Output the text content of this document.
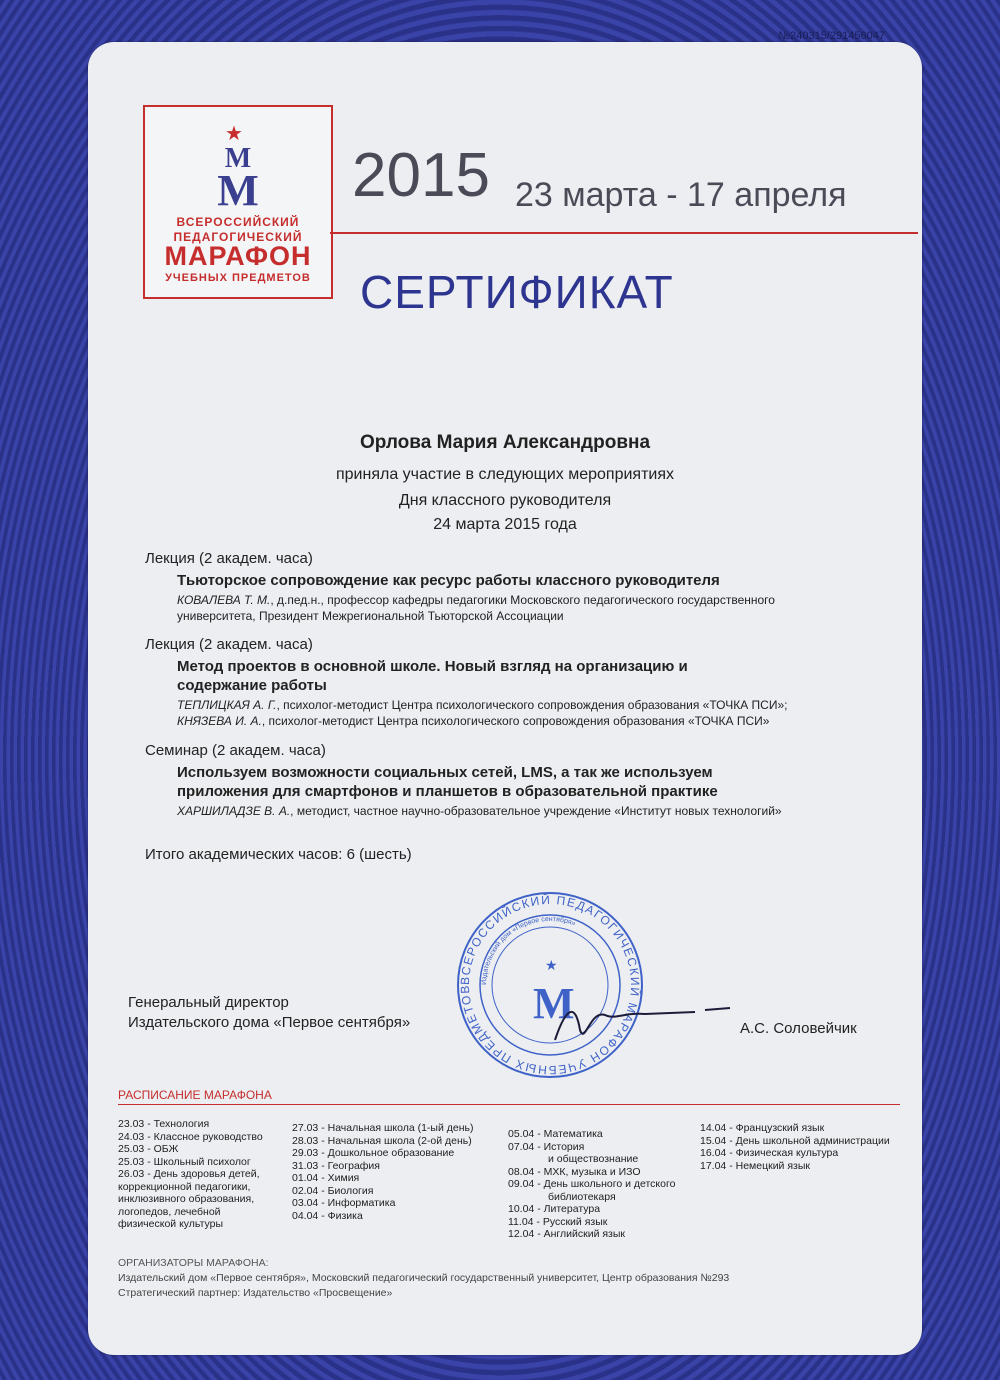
№240315/291456047
★
M
M
ВСЕРОССИЙСКИЙ
ПЕДАГОГИЧЕСКИЙ
МАРАФОН
УЧЕБНЫХ ПРЕДМЕТОВ
2015 23 марта - 17 апреля
СЕРТИФИКАТ
Орлова Мария Александровна
приняла участие в следующих мероприятиях
Дня классного руководителя
24 марта 2015 года
Лекция (2 академ. часа)
Тьюторское сопровождение как ресурс работы классного руководителя
КОВАЛЕВА Т. М., д.пед.н., профессор кафедры педагогики Московского педагогического государственного университета, Президент Межрегиональной Тьюторской Ассоциации
Лекция (2 академ. часа)
Метод проектов в основной школе. Новый взгляд на организацию и содержание работы
ТЕПЛИЦКАЯ А. Г., психолог-методист Центра психологического сопровождения образования «ТОЧКА ПСИ»;
КНЯЗЕВА И. А., психолог-методист Центра психологического сопровождения образования «ТОЧКА ПСИ»
Семинар (2 академ. часа)
Используем возможности социальных сетей, LMS, а так же используем приложения для смартфонов и планшетов в образовательной практике
ХАРШИЛАДЗЕ В. А., методист, частное научно-образовательное учреждение «Институт новых технологий»
Итого академических часов: 6 (шесть)
ВСЕРОССИЙСКИЙ ПЕДАГОГИЧЕСКИЙ МАРАФОН УЧЕБНЫХ ПРЕДМЕТОВ
Издательский дом «Первое сентября»
★
M
Генеральный директор
Издательского дома «Первое сентября»	А.С. Соловейчик
РАСПИСАНИЕ МАРАФОНА
23.03 - Технология
24.03 - Классное руководство
25.03 - ОБЖ
25.03 - Школьный психолог
26.03 - День здоровья детей,
коррекционной педагогики,
инклюзивного образования,
логопедов, лечебной
физической культуры
27.03 - Начальная школа (1-ый день)
28.03 - Начальная школа (2-ой день)
29.03 - Дошкольное образование
31.03 - География
01.04 - Химия
02.04 - Биология
03.04 - Информатика
04.04 - Физика
05.04 - Математика
07.04 - История
и обществознание
08.04 - МХК, музыка и ИЗО
09.04 - День школьного и детского
библиотекаря
10.04 - Литература
11.04 - Русский язык
12.04 - Английский язык
14.04 - Французский язык
15.04 - День школьной администрации
16.04 - Физическая культура
17.04 - Немецкий язык
ОРГАНИЗАТОРЫ МАРАФОНА:
Издательский дом «Первое сентября», Московский педагогический государственный университет, Центр образования №293
Стратегический партнер: Издательство «Просвещение»
